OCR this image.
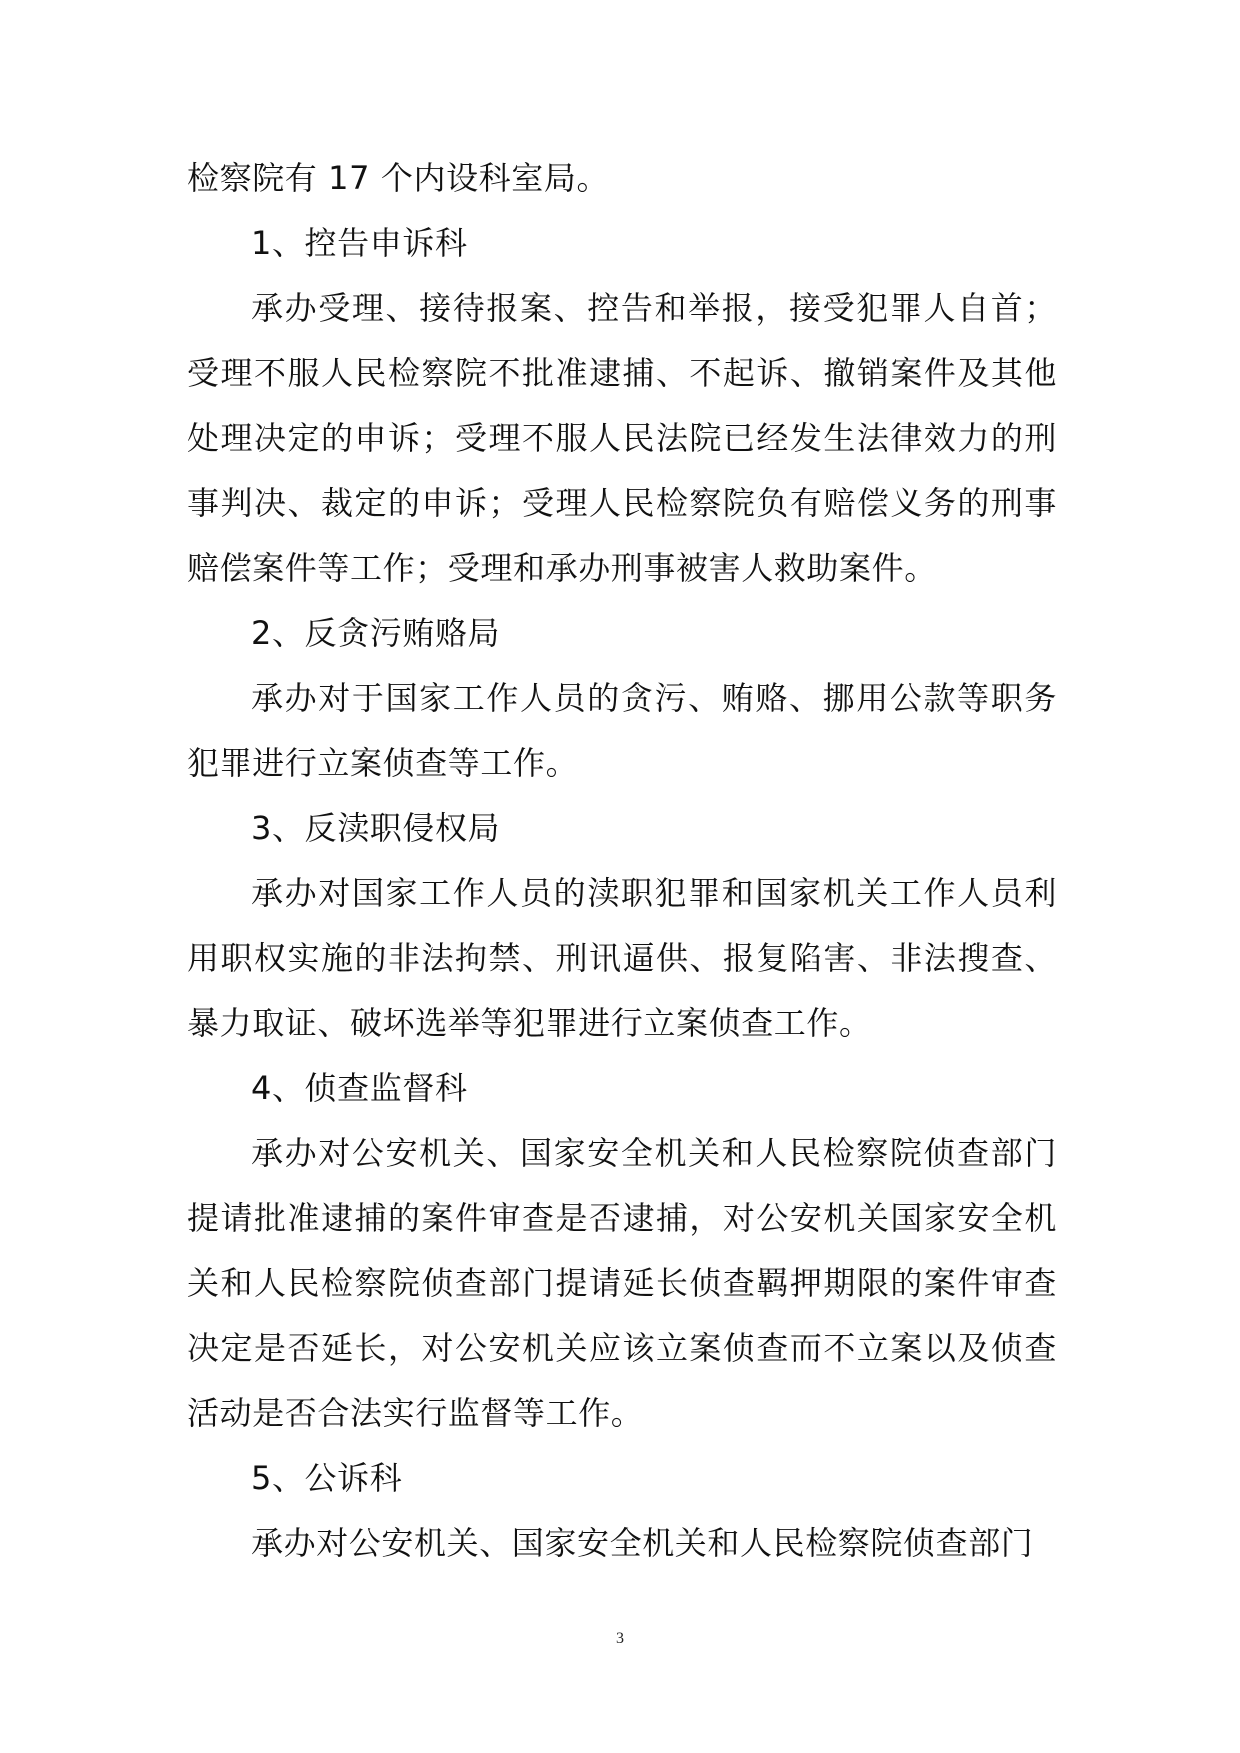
检察院有 17 个内设科室局。

1、控告申诉科

承办受理、接待报案、控告和举报，接受犯罪人自首；受理不服人民检察院不批准逮捕、不起诉、撤销案件及其他处理决定的申诉；受理不服人民法院已经发生法律效力的刑事判决、裁定的申诉；受理人民检察院负有赔偿义务的刑事赔偿案件等工作；受理和承办刑事被害人救助案件。

2、反贪污贿赂局

承办对于国家工作人员的贪污、贿赂、挪用公款等职务犯罪进行立案侦查等工作。

3、反渎职侵权局

承办对国家工作人员的渎职犯罪和国家机关工作人员利用职权实施的非法拘禁、刑讯逼供、报复陷害、非法搜查、暴力取证、破坏选举等犯罪进行立案侦查工作。

4、侦查监督科

承办对公安机关、国家安全机关和人民检察院侦查部门提请批准逮捕的案件审查是否逮捕，对公安机关国家安全机关和人民检察院侦查部门提请延长侦查羁押期限的案件审查决定是否延长，对公安机关应该立案侦查而不立案以及侦查活动是否合法实行监督等工作。

5、公诉科

承办对公安机关、国家安全机关和人民检察院侦查部门

3
